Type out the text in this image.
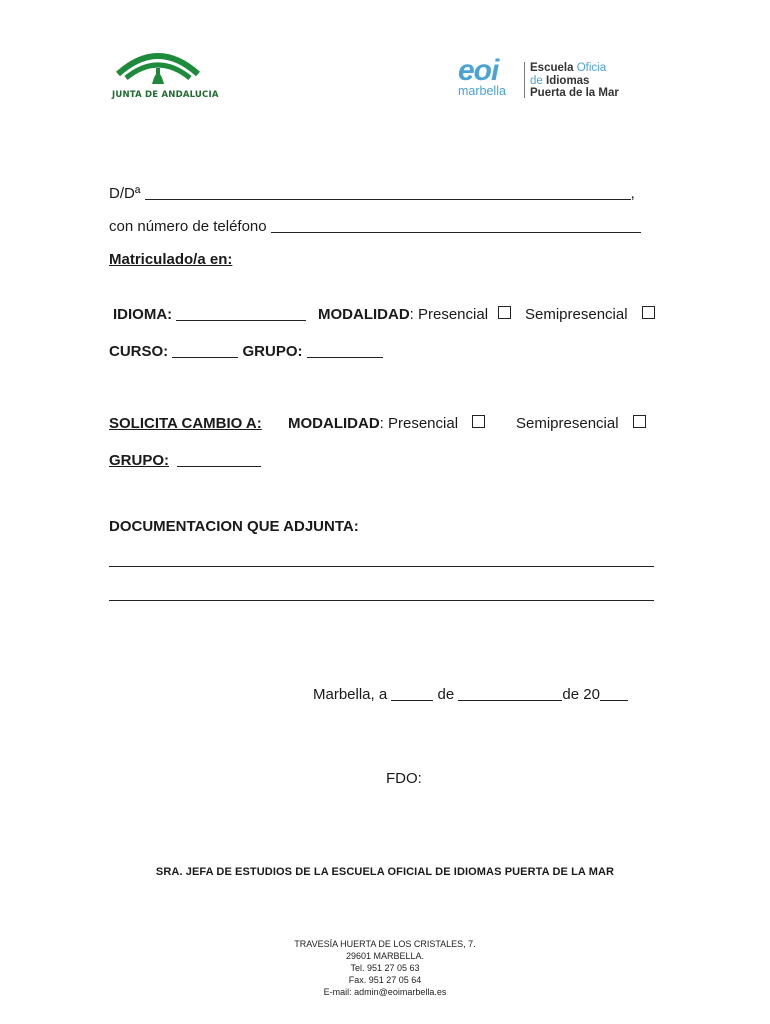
JUNTA DE ANDALUCIA
eoi
marbella
Escuela Oficia
de Idiomas
Puerta de la Mar
D/Dª	,
con número de teléfono
Matriculado/a en:
IDIOMA:	MODALIDAD: Presencial	Semipresencial
CURSO:	GRUPO:
SOLICITA CAMBIO A: MODALIDAD: Presencial	Semipresencial
GRUPO:
DOCUMENTACION QUE ADJUNTA:
Marbella, a	de	de 20
FDO:
SRA. JEFA DE ESTUDIOS DE LA ESCUELA OFICIAL DE IDIOMAS PUERTA DE LA MAR
TRAVESÍA HUERTA DE LOS CRISTALES, 7.
29601 MARBELLA.
Tel. 951 27 05 63
Fax. 951 27 05 64
E-mail: admin@eoimarbella.es
